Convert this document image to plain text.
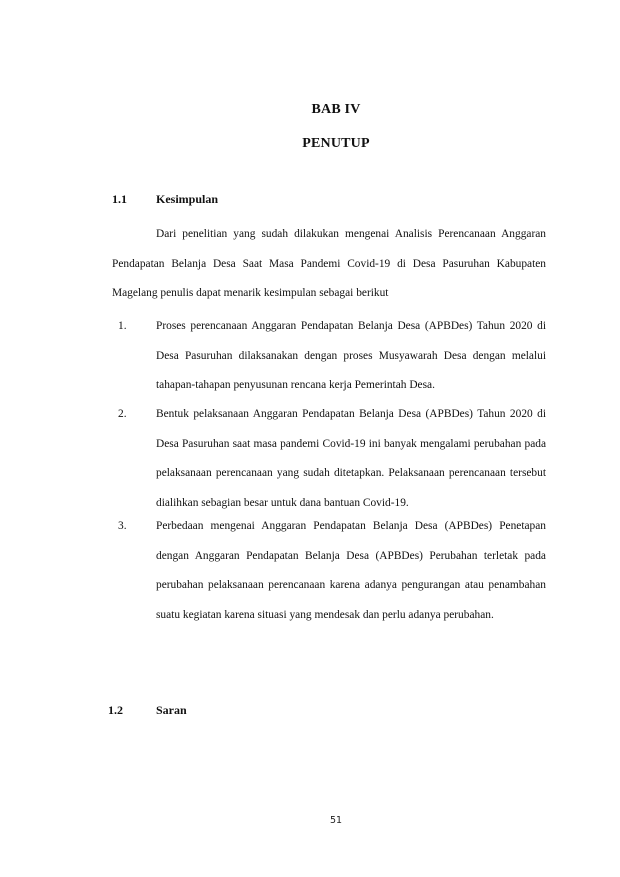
BAB IV
PENUTUP
1.1 Kesimpulan

Dari penelitian yang sudah dilakukan mengenai Analisis Perencanaan Anggaran Pendapatan Belanja Desa Saat Masa Pandemi Covid-19 di Desa Pasuruhan Kabupaten Magelang penulis dapat menarik kesimpulan sebagai berikut

1.	Proses perencanaan Anggaran Pendapatan Belanja Desa (APBDes) Tahun 2020 di Desa Pasuruhan dilaksanakan dengan proses Musyawarah Desa dengan melalui tahapan-tahapan penyusunan rencana kerja Pemerintah Desa.
2.	Bentuk pelaksanaan Anggaran Pendapatan Belanja Desa (APBDes) Tahun 2020 di Desa Pasuruhan saat masa pandemi Covid-19 ini banyak mengalami perubahan pada pelaksanaan perencanaan yang sudah ditetapkan. Pelaksanaan perencanaan tersebut dialihkan sebagian besar untuk dana bantuan Covid-19.
3.	Perbedaan mengenai Anggaran Pendapatan Belanja Desa (APBDes) Penetapan dengan Anggaran Pendapatan Belanja Desa (APBDes) Perubahan terletak pada perubahan pelaksanaan perencanaan karena adanya pengurangan atau penambahan suatu kegiatan karena situasi yang mendesak dan perlu adanya perubahan.
1.2	Saran
51
